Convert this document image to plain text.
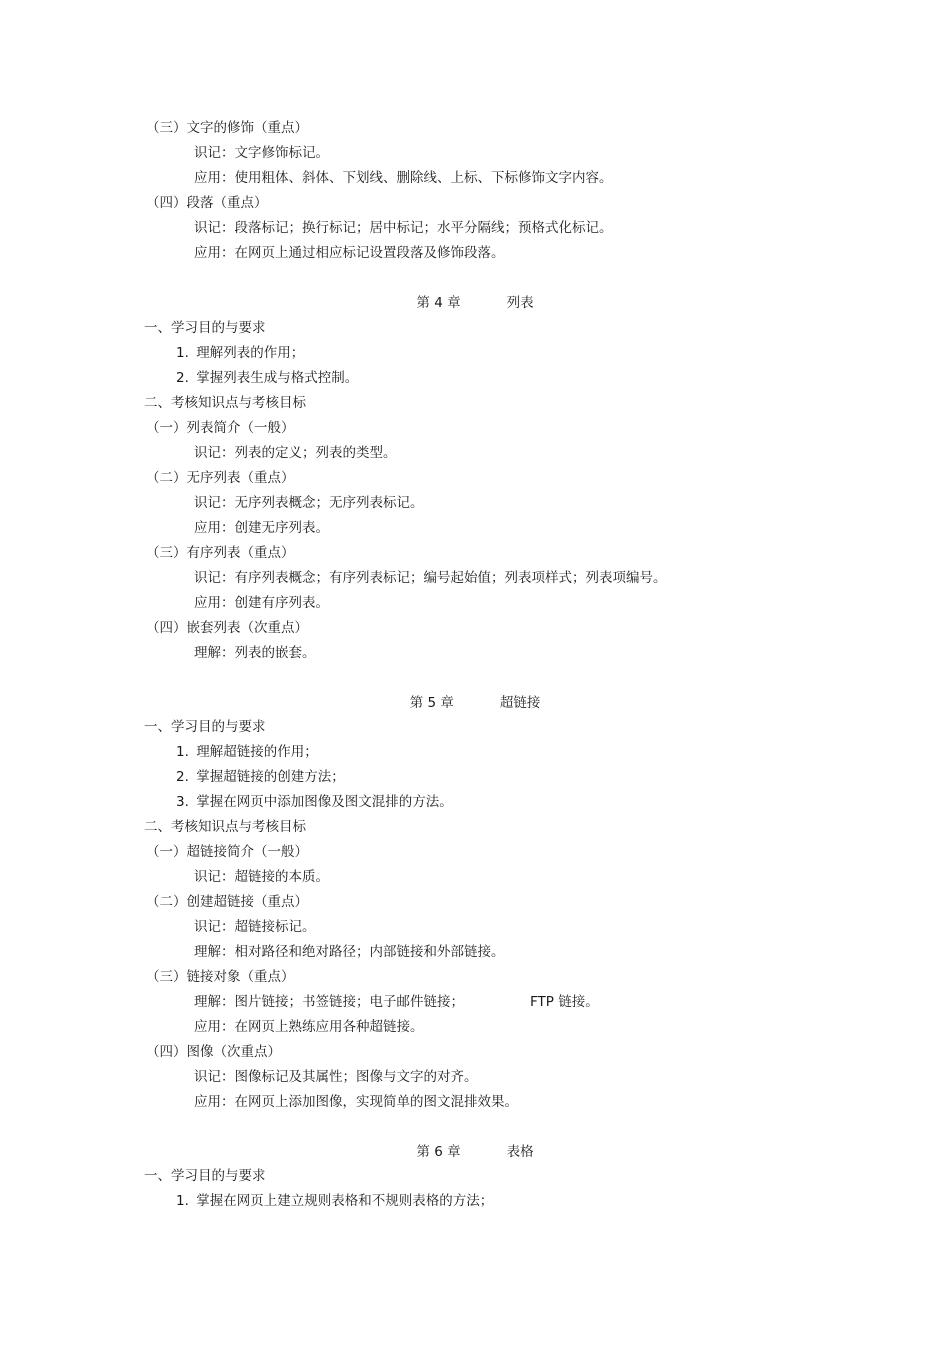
（三）文字的修饰（重点）
识记：文字修饰标记。
应用：使用粗体、斜体、下划线、删除线、上标、下标修饰文字内容。
（四）段落（重点）
识记：段落标记；换行标记；居中标记；水平分隔线；预格式化标记。
应用：在网页上通过相应标记设置段落及修饰段落。
第 4 章	列表
一、学习目的与要求
1. 理解列表的作用；
2. 掌握列表生成与格式控制。
二、考核知识点与考核目标
（一）列表简介（一般）
识记：列表的定义；列表的类型。
（二）无序列表（重点）
识记：无序列表概念；无序列表标记。
应用：创建无序列表。
（三）有序列表（重点）
识记：有序列表概念；有序列表标记；编号起始值；列表项样式；列表项编号。
应用：创建有序列表。
（四）嵌套列表（次重点）
理解：列表的嵌套。
第 5 章	超链接
一、学习目的与要求
1. 理解超链接的作用；
2. 掌握超链接的创建方法；
3. 掌握在网页中添加图像及图文混排的方法。
二、考核知识点与考核目标
（一）超链接简介（一般）
识记：超链接的本质。
（二）创建超链接（重点）
识记：超链接标记。
理解：相对路径和绝对路径；内部链接和外部链接。
（三）链接对象（重点）
理解：图片链接；书签链接；电子邮件链接；	FTP 链接。
应用：在网页上熟练应用各种超链接。
（四）图像（次重点）
识记：图像标记及其属性；图像与文字的对齐。
应用：在网页上添加图像，实现简单的图文混排效果。
第 6 章	表格
一、学习目的与要求
1. 掌握在网页上建立规则表格和不规则表格的方法；
